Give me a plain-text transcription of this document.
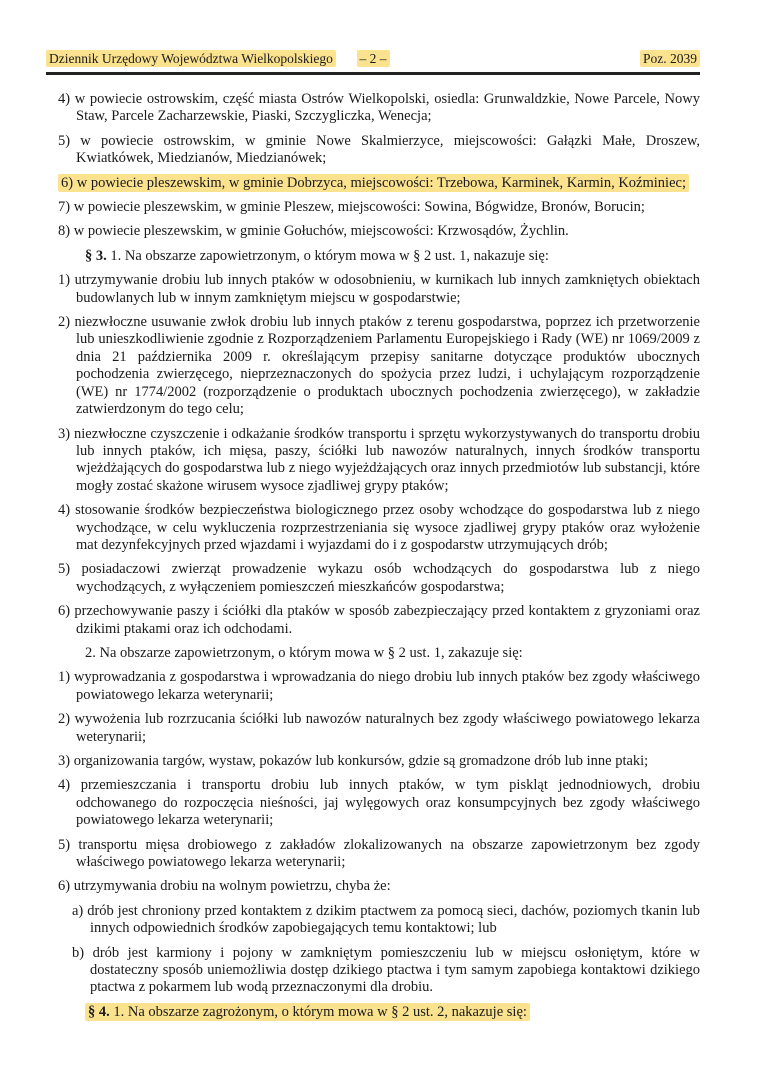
Dziennik Urzędowy Województwa Wielkopolskiego	– 2 –	Poz. 2039

4) w powiecie ostrowskim, część miasta Ostrów Wielkopolski, osiedla: Grunwaldzkie, Nowe Parcele, Nowy Staw, Parcele Zacharzewskie, Piaski, Szczygliczka, Wenecja;

5) w powiecie ostrowskim, w gminie Nowe Skalmierzyce, miejscowości: Gałązki Małe, Droszew, Kwiatkówek, Miedzianów, Miedzianówek;

6) w powiecie pleszewskim, w gminie Dobrzyca, miejscowości: Trzebowa, Karminek, Karmin, Koźminiec;

7) w powiecie pleszewskim, w gminie Pleszew, miejscowości: Sowina, Bógwidze, Bronów, Borucin;

8) w powiecie pleszewskim, w gminie Gołuchów, miejscowości: Krzwosądów, Żychlin.

§ 3. 1. Na obszarze zapowietrzonym, o którym mowa w § 2 ust. 1, nakazuje się:

1) utrzymywanie drobiu lub innych ptaków w odosobnieniu, w kurnikach lub innych zamkniętych obiektach budowlanych lub w innym zamkniętym miejscu w gospodarstwie;

2) niezwłoczne usuwanie zwłok drobiu lub innych ptaków z terenu gospodarstwa, poprzez ich przetworzenie lub unieszkodliwienie zgodnie z Rozporządzeniem Parlamentu Europejskiego i Rady (WE) nr 1069/2009 z dnia 21 października 2009 r. określającym przepisy sanitarne dotyczące produktów ubocznych pochodzenia zwierzęcego, nieprzeznaczonych do spożycia przez ludzi, i uchylającym rozporządzenie (WE) nr 1774/2002 (rozporządzenie o produktach ubocznych pochodzenia zwierzęcego), w zakładzie zatwierdzonym do tego celu;

3) niezwłoczne czyszczenie i odkażanie środków transportu i sprzętu wykorzystywanych do transportu drobiu lub innych ptaków, ich mięsa, paszy, ściółki lub nawozów naturalnych, innych środków transportu wjeżdżających do gospodarstwa lub z niego wyjeżdżających oraz innych przedmiotów lub substancji, które mogły zostać skażone wirusem wysoce zjadliwej grypy ptaków;

4) stosowanie środków bezpieczeństwa biologicznego przez osoby wchodzące do gospodarstwa lub z niego wychodzące, w celu wykluczenia rozprzestrzeniania się wysoce zjadliwej grypy ptaków oraz wyłożenie mat dezynfekcyjnych przed wjazdami i wyjazdami do i z gospodarstw utrzymujących drób;

5) posiadaczowi zwierząt prowadzenie wykazu osób wchodzących do gospodarstwa lub z niego wychodzących, z wyłączeniem pomieszczeń mieszkańców gospodarstwa;

6) przechowywanie paszy i ściółki dla ptaków w sposób zabezpieczający przed kontaktem z gryzoniami oraz dzikimi ptakami oraz ich odchodami.

2. Na obszarze zapowietrzonym, o którym mowa w § 2 ust. 1, zakazuje się:

1) wyprowadzania z gospodarstwa i wprowadzania do niego drobiu lub innych ptaków bez zgody właściwego powiatowego lekarza weterynarii;

2) wywożenia lub rozrzucania ściółki lub nawozów naturalnych bez zgody właściwego powiatowego lekarza weterynarii;

3) organizowania targów, wystaw, pokazów lub konkursów, gdzie są gromadzone drób lub inne ptaki;

4) przemieszczania i transportu drobiu lub innych ptaków, w tym piskląt jednodniowych, drobiu odchowanego do rozpoczęcia nieśności, jaj wylęgowych oraz konsumpcyjnych bez zgody właściwego powiatowego lekarza weterynarii;

5) transportu mięsa drobiowego z zakładów zlokalizowanych na obszarze zapowietrzonym bez zgody właściwego powiatowego lekarza weterynarii;

6) utrzymywania drobiu na wolnym powietrzu, chyba że:

a) drób jest chroniony przed kontaktem z dzikim ptactwem za pomocą sieci, dachów, poziomych tkanin lub innych odpowiednich środków zapobiegających temu kontaktowi; lub

b) drób jest karmiony i pojony w zamkniętym pomieszczeniu lub w miejscu osłoniętym, które w dostateczny sposób uniemożliwia dostęp dzikiego ptactwa i tym samym zapobiega kontaktowi dzikiego ptactwa z pokarmem lub wodą przeznaczonymi dla drobiu.

§ 4. 1. Na obszarze zagrożonym, o którym mowa w § 2 ust. 2, nakazuje się:
